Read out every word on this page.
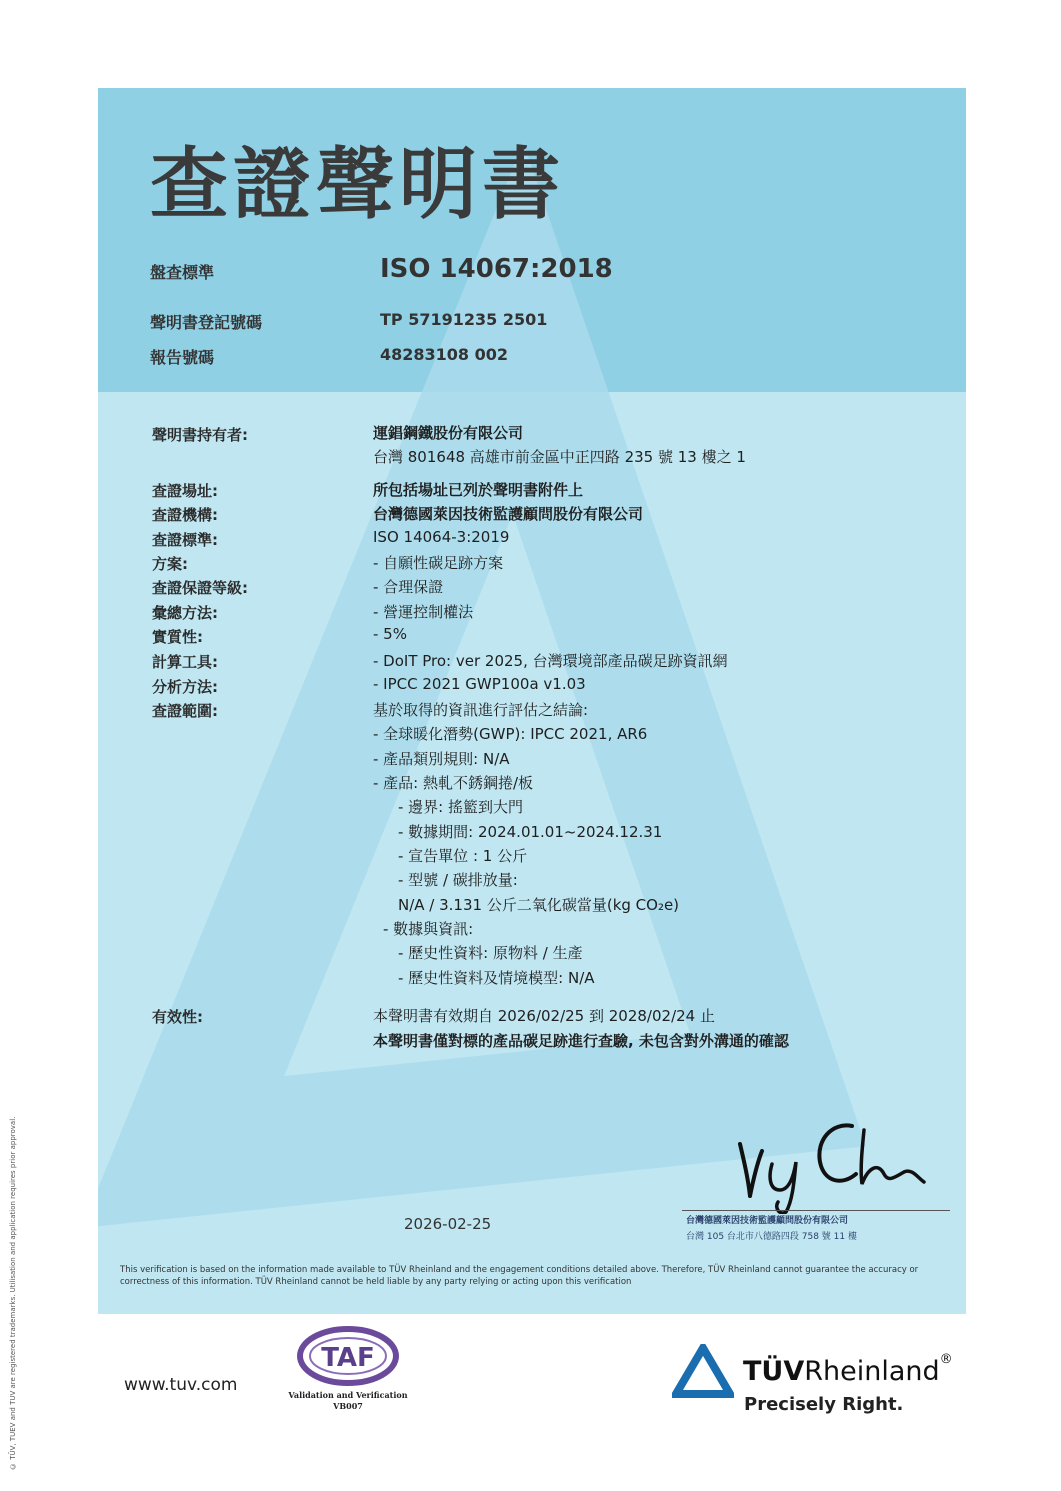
© TÜV, TUEV and TUV are registered trademarks. Utilisation and application requires prior approval.
查證聲明書
盤查標準	ISO 14067:2018
聲明書登記號碼	TP 57191235 2501
報告號碼	48283108 002
聲明書持有者:	運錩鋼鐵股份有限公司
台灣 801648 高雄市前金區中正四路 235 號 13 樓之 1
查證場址:	所包括場址已列於聲明書附件上
查證機構:	台灣德國萊因技術監護顧問股份有限公司
查證標準:	ISO 14064-3:2019
方案:	- 自願性碳足跡方案
查證保證等級:	- 合理保證
彙總方法:	- 營運控制權法
實質性:	- 5%
計算工具:	- DoIT Pro: ver 2025, 台灣環境部產品碳足跡資訊網
分析方法:	- IPCC 2021 GWP100a v1.03
查證範圍:	基於取得的資訊進行評估之結論:
- 全球暖化潛勢(GWP): IPCC 2021, AR6
- 產品類別規則: N/A
- 產品: 熱軋不銹鋼捲/板
- 邊界: 搖籃到大門
- 數據期間: 2024.01.01~2024.12.31
- 宣告單位 : 1 公斤
- 型號 / 碳排放量:
N/A / 3.131 公斤二氧化碳當量(kg CO₂e)
- 數據與資訊:
- 歷史性資料: 原物料 / 生產
- 歷史性資料及情境模型: N/A
有效性:	本聲明書有效期自 2026/02/25 到 2028/02/24 止
本聲明書僅對標的產品碳足跡進行查驗, 未包含對外溝通的確認
2026-02-25	台灣德國萊因技術監護顧問股份有限公司
台灣 105 台北市八德路四段 758 號 11 樓
This verification is based on the information made available to TÜV Rheinland and the engagement conditions detailed above. Therefore, TÜV Rheinland cannot guarantee the accuracy or correctness of this information. TÜV Rheinland cannot be held liable by any party relying or acting upon this verification
www.tuv.com
TAF
Validation and Verification
VB007
TÜVRheinland®
Precisely Right.
